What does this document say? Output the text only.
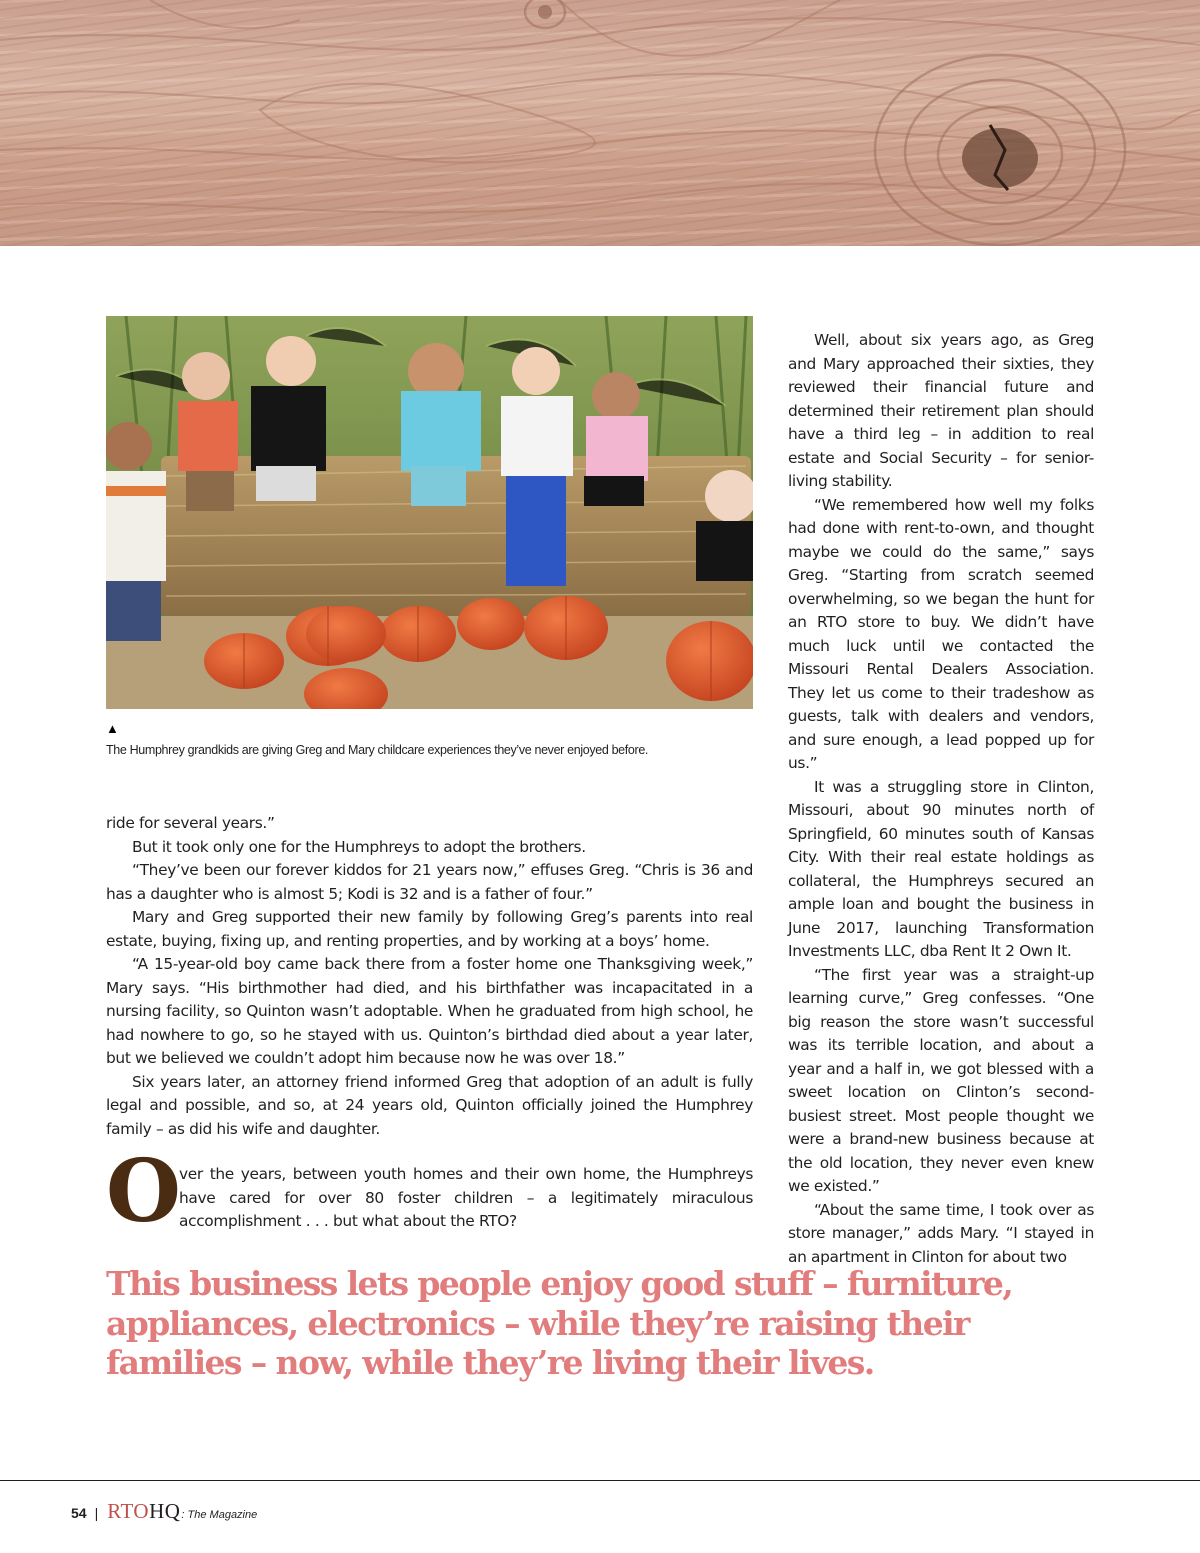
▲
The Humphrey grandkids are giving Greg and Mary childcare experiences they’ve never enjoyed before.

ride for several years.”

But it took only one for the Humphreys to adopt the brothers.

“They’ve been our forever kiddos for 21 years now,” effuses Greg. “Chris is 36 and has a daughter who is almost 5; Kodi is 32 and is a father of four.”

Mary and Greg supported their new family by following Greg’s parents into real estate, buying, fixing up, and renting properties, and by working at a boys’ home.

“A 15-year-old boy came back there from a foster home one Thanksgiving week,” Mary says. “His birthmother had died, and his birthfather was incapacitated in a nursing facility, so Quinton wasn’t adoptable. When he graduated from high school, he had nowhere to go, so he stayed with us. Quinton’s birthdad died about a year later, but we believed we couldn’t adopt him because now he was over 18.”

Six years later, an attorney friend informed Greg that adoption of an adult is fully legal and possible, and so, at 24 years old, Quinton officially joined the Humphrey family – as did his wife and daughter.

O
ver the years, between youth homes and their own home, the Humphreys have cared for over 80 foster children – a legitimately miraculous accomplishment . . . but what about the RTO?

Well, about six years ago, as Greg and Mary approached their sixties, they reviewed their financial future and determined their retirement plan should have a third leg – in addition to real estate and Social Security – for senior-living stability.

“We remembered how well my folks had done with rent-to-own, and thought maybe we could do the same,” says Greg. “Starting from scratch seemed overwhelming, so we began the hunt for an RTO store to buy. We didn’t have much luck until we contacted the Missouri Rental Dealers Association. They let us come to their tradeshow as guests, talk with dealers and vendors, and sure enough, a lead popped up for us.”

It was a struggling store in Clinton, Missouri, about 90 minutes north of Springfield, 60 minutes south of Kansas City. With their real estate holdings as collateral, the Humphreys secured an ample loan and bought the business in June 2017, launching Transformation Investments LLC, dba Rent It 2 Own It.

“The first year was a straight-up learning curve,” Greg confesses. “One big reason the store wasn’t successful was its terrible location, and about a year and a half in, we got blessed with a sweet location on Clinton’s second-busiest street. Most people thought we were a brand-new business because at the old location, they never even knew we existed.”

“About the same time, I took over as store manager,” adds Mary. “I stayed in an apartment in Clinton for about two

This business lets people enjoy good stuff – furniture, appliances, electronics – while they’re raising their families – now, while they’re living their lives.

54 | RTO HQ : The Magazine
